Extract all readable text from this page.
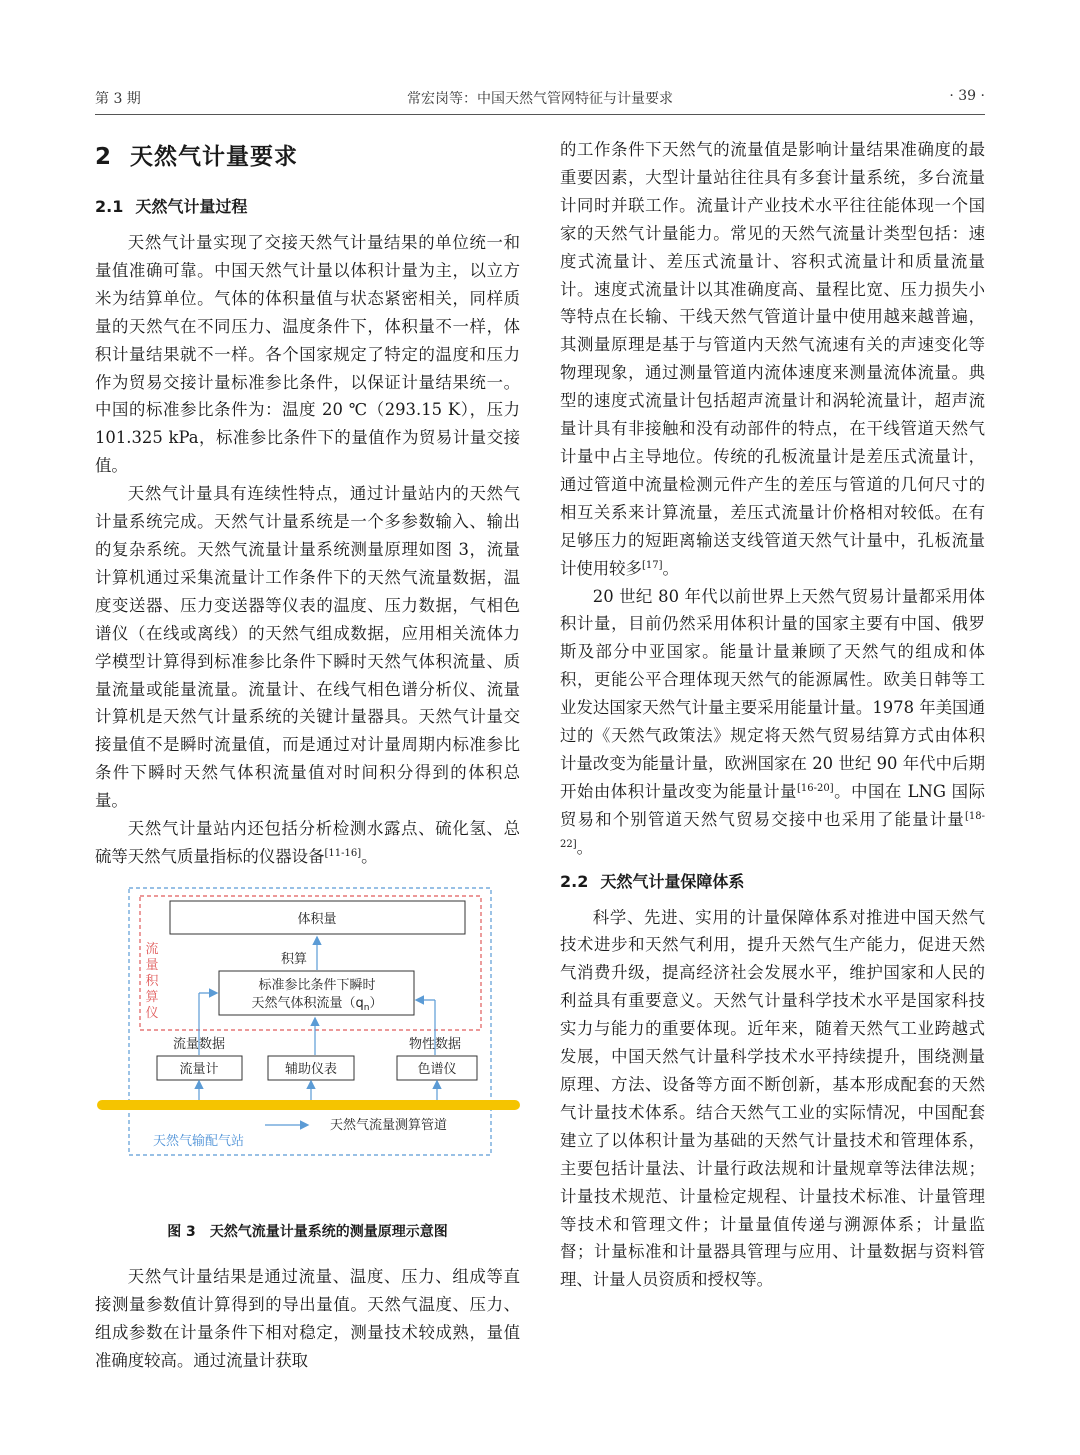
第 3 期	常宏岗等：中国天然气管网特征与计量要求	· 39 ·
2 天然气计量要求
2.1 天然气计量过程

天然气计量实现了交接天然气计量结果的单位统一和量值准确可靠。中国天然气计量以体积计量为主，以立方米为结算单位。气体的体积量值与状态紧密相关，同样质量的天然气在不同压力、温度条件下，体积量不一样，体积计量结果就不一样。各个国家规定了特定的温度和压力作为贸易交接计量标准参比条件，以保证计量结果统一。中国的标准参比条件为：温度 20 ℃（293.15 K），压力 101.325 kPa，标准参比条件下的量值作为贸易计量交接值。

天然气计量具有连续性特点，通过计量站内的天然气计量系统完成。天然气计量系统是一个多参数输入、输出的复杂系统。天然气流量计量系统测量原理如图 3，流量计算机通过采集流量计工作条件下的天然气流量数据，温度变送器、压力变送器等仪表的温度、压力数据，气相色谱仪（在线或离线）的天然气组成数据，应用相关流体力学模型计算得到标准参比条件下瞬时天然气体积流量、质量流量或能量流量。流量计、在线气相色谱分析仪、流量计算机是天然气计量系统的关键计量器具。天然气计量交接量值不是瞬时流量值，而是通过对计量周期内标准参比条件下瞬时天然气体积流量值对时间积分得到的体积总量。

天然气计量站内还包括分析检测水露点、硫化氢、总硫等天然气质量指标的仪器设备[11-16]。

体积量
积算
标准参比条件下瞬时
天然气体积流量$(q_n)$
流
量
积
算
仪
流量数据	物性数据
流量计	辅助仪表	色谱仪
天然气流量测算管道
天然气输配气站
图 3 天然气流量计量系统的测量原理示意图

天然气计量结果是通过流量、温度、压力、组成等直接测量参数值计算得到的导出量值。天然气温度、压力、组成参数在计量条件下相对稳定，测量技术较成熟，量值准确度较高。通过流量计获取

的工作条件下天然气的流量值是影响计量结果准确度的最重要因素，大型计量站往往具有多套计量系统，多台流量计同时并联工作。流量计产业技术水平往往能体现一个国家的天然气计量能力。常见的天然气流量计类型包括：速度式流量计、差压式流量计、容积式流量计和质量流量计。速度式流量计以其准确度高、量程比宽、压力损失小等特点在长输、干线天然气管道计量中使用越来越普遍，其测量原理是基于与管道内天然气流速有关的声速变化等物理现象，通过测量管道内流体速度来测量流体流量。典型的速度式流量计包括超声流量计和涡轮流量计，超声流量计具有非接触和没有动部件的特点，在干线管道天然气计量中占主导地位。传统的孔板流量计是差压式流量计，通过管道中流量检测元件产生的差压与管道的几何尺寸的相互关系来计算流量，差压式流量计价格相对较低。在有足够压力的短距离输送支线管道天然气计量中，孔板流量计使用较多[17]。

20 世纪 80 年代以前世界上天然气贸易计量都采用体积计量，目前仍然采用体积计量的国家主要有中国、俄罗斯及部分中亚国家。能量计量兼顾了天然气的组成和体积，更能公平合理体现天然气的能源属性。欧美日韩等工业发达国家天然气计量主要采用能量计量。1978 年美国通过的《天然气政策法》规定将天然气贸易结算方式由体积计量改变为能量计量，欧洲国家在 20 世纪 90 年代中后期开始由体积计量改变为能量计量[16-20]。中国在 LNG 国际贸易和个别管道天然气贸易交接中也采用了能量计量[18-22]。

2.2 天然气计量保障体系

科学、先进、实用的计量保障体系对推进中国天然气技术进步和天然气利用，提升天然气生产能力，促进天然气消费升级，提高经济社会发展水平，维护国家和人民的利益具有重要意义。天然气计量科学技术水平是国家科技实力与能力的重要体现。近年来，随着天然气工业跨越式发展，中国天然气计量科学技术水平持续提升，围绕测量原理、方法、设备等方面不断创新，基本形成配套的天然气计量技术体系。结合天然气工业的实际情况，中国配套建立了以体积计量为基础的天然气计量技术和管理体系，主要包括计量法、计量行政法规和计量规章等法律法规；计量技术规范、计量检定规程、计量技术标准、计量管理等技术和管理文件；计量量值传递与溯源体系；计量监督；计量标准和计量器具管理与应用、计量数据与资料管理、计量人员资质和授权等。
